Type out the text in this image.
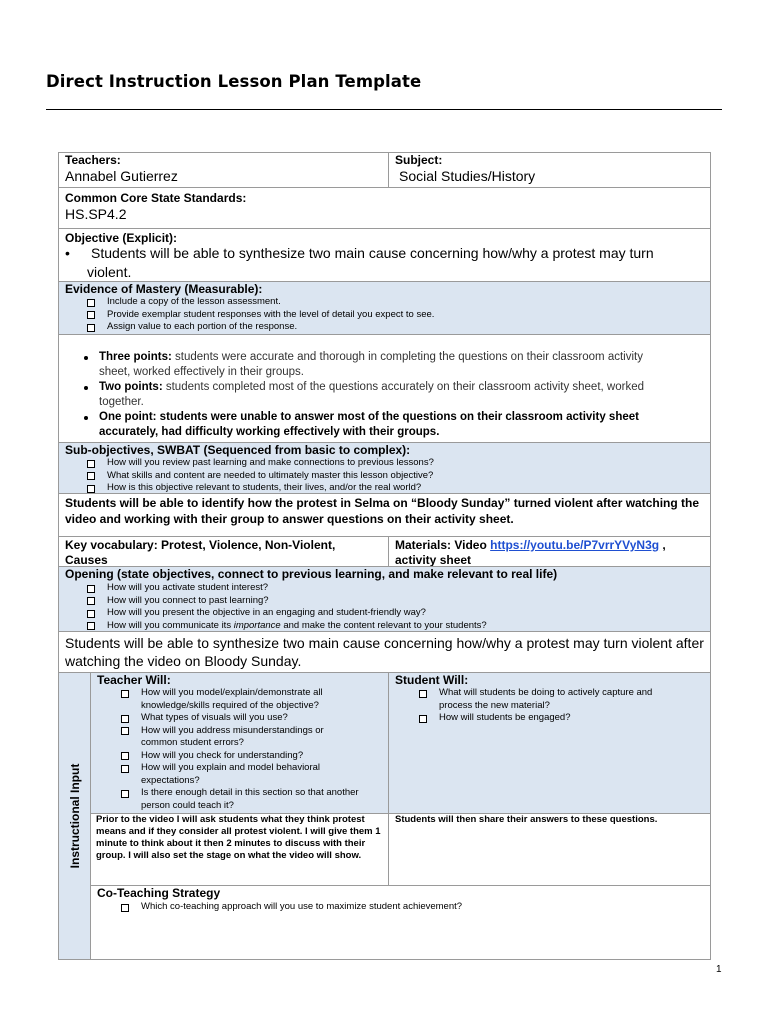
Direct Instruction Lesson Plan Template
Teachers:
Annabel Gutierrez
Subject:
Social Studies/History
Common Core State Standards:
HS.SP4.2
Objective (Explicit):
• Students will be able to synthesize two main cause concerning how/why a protest may turn
violent.
Evidence of Mastery (Measurable):
Include a copy of the lesson assessment.
Provide exemplar student responses with the level of detail you expect to see.
Assign value to each portion of the response.
Three points: students were accurate and thorough in completing the questions on their classroom activity sheet, worked effectively in their groups.
Two points: students completed most of the questions accurately on their classroom activity sheet, worked together.
One point: students were unable to answer most of the questions on their classroom activity sheet accurately, had difficulty working effectively with their groups.
Sub-objectives, SWBAT (Sequenced from basic to complex):
How will you review past learning and make connections to previous lessons?
What skills and content are needed to ultimately master this lesson objective?
How is this objective relevant to students, their lives, and/or the real world?
Students will be able to identify how the protest in Selma on “Bloody Sunday” turned violent after watching the video and working with their group to answer questions on their activity sheet.
Key vocabulary: Protest, Violence, Non-Violent, Causes
Materials: Video https://youtu.be/P7vrrYVyN3g , activity sheet
Opening (state objectives, connect to previous learning, and make relevant to real life)
How will you activate student interest?
How will you connect to past learning?
How will you present the objective in an engaging and student-friendly way?
How will you communicate its importance and make the content relevant to your students?
Students will be able to synthesize two main cause concerning how/why a protest may turn violent after watching the video on Bloody Sunday.
Instructional Input
Teacher Will:
How will you model/explain/demonstrate all knowledge/skills required of the objective?
What types of visuals will you use?
How will you address misunderstandings or common student errors?
How will you check for understanding?
How will you explain and model behavioral expectations?
Is there enough detail in this section so that another person could teach it?
Student Will:
What will students be doing to actively capture and process the new material?
How will students be engaged?
Prior to the video I will ask students what they think protest means and if they consider all protest violent. I will give them 1 minute to think about it then 2 minutes to discuss with their group. I will also set the stage on what the video will show.
Students will then share their answers to these questions.
Co-Teaching Strategy
Which co-teaching approach will you use to maximize student achievement?
1
